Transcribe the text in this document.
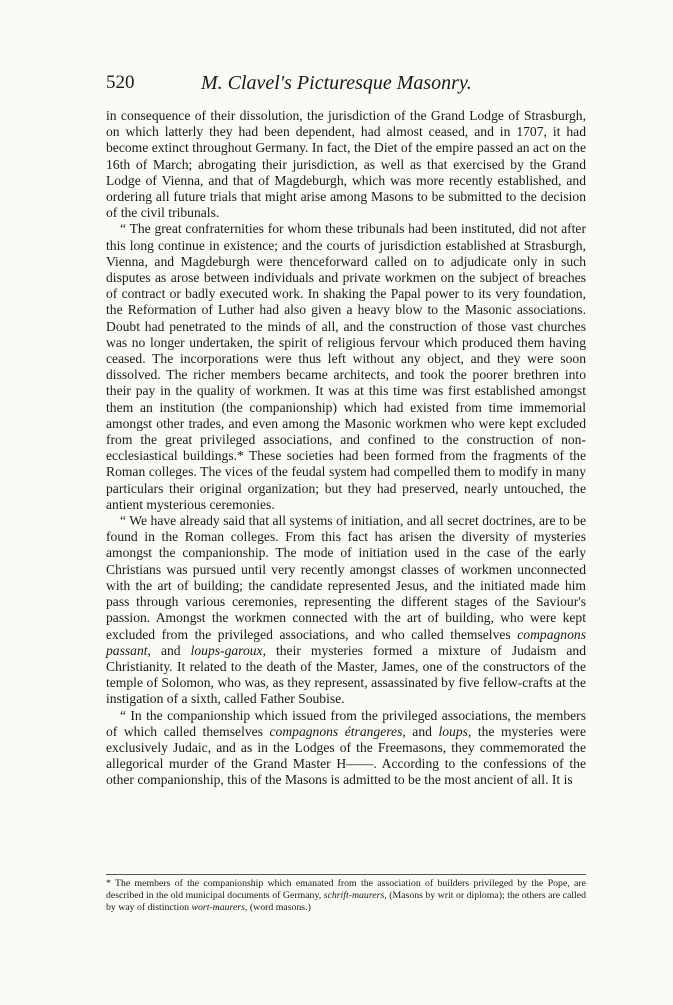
520	M. Clavel's Picturesque Masonry.

in consequence of their dissolution, the jurisdiction of the Grand Lodge of Strasburgh, on which latterly they had been dependent, had almost ceased, and in 1707, it had become extinct throughout Germany. In fact, the Diet of the empire passed an act on the 16th of March; abrogating their jurisdiction, as well as that exercised by the Grand Lodge of Vienna, and that of Magdeburgh, which was more recently established, and ordering all future trials that might arise among Masons to be submitted to the decision of the civil tribunals.

“ The great confraternities for whom these tribunals had been instituted, did not after this long continue in existence; and the courts of jurisdiction established at Strasburgh, Vienna, and Magdeburgh were thenceforward called on to adjudicate only in such disputes as arose between individuals and private workmen on the subject of breaches of contract or badly executed work. In shaking the Papal power to its very foundation, the Reformation of Luther had also given a heavy blow to the Masonic associations. Doubt had penetrated to the minds of all, and the construction of those vast churches was no longer undertaken, the spirit of religious fervour which produced them having ceased. The incorporations were thus left without any object, and they were soon dissolved. The richer members became architects, and took the poorer brethren into their pay in the quality of workmen. It was at this time was first established amongst them an institution (the companionship) which had existed from time immemorial amongst other trades, and even among the Masonic workmen who were kept excluded from the great privileged associations, and confined to the construction of non-ecclesiastical buildings.* These societies had been formed from the fragments of the Roman colleges. The vices of the feudal system had compelled them to modify in many particulars their original organization; but they had preserved, nearly untouched, the antient mysterious ceremonies.

“ We have already said that all systems of initiation, and all secret doctrines, are to be found in the Roman colleges. From this fact has arisen the diversity of mysteries amongst the companionship. The mode of initiation used in the case of the early Christians was pursued until very recently amongst classes of workmen unconnected with the art of building; the candidate represented Jesus, and the initiated made him pass through various ceremonies, representing the different stages of the Saviour's passion. Amongst the workmen connected with the art of building, who were kept excluded from the privileged associations, and who called themselves compagnons passant, and loups-garoux, their mysteries formed a mixture of Judaism and Christianity. It related to the death of the Master, James, one of the constructors of the temple of Solomon, who was, as they represent, assassinated by five fellow-crafts at the instigation of a sixth, called Father Soubise.

“ In the companionship which issued from the privileged associations, the members of which called themselves compagnons étrangeres, and loups, the mysteries were exclusively Judaic, and as in the Lodges of the Freemasons, they commemorated the allegorical murder of the Grand Master H——. According to the confessions of the other companionship, this of the Masons is admitted to be the most ancient of all. It is

* The members of the companionship which emanated from the association of builders privileged by the Pope, are described in the old municipal documents of Germany, schrift-maurers, (Masons by writ or diploma); the others are called by way of distinction wort-maurers, (word masons.)
